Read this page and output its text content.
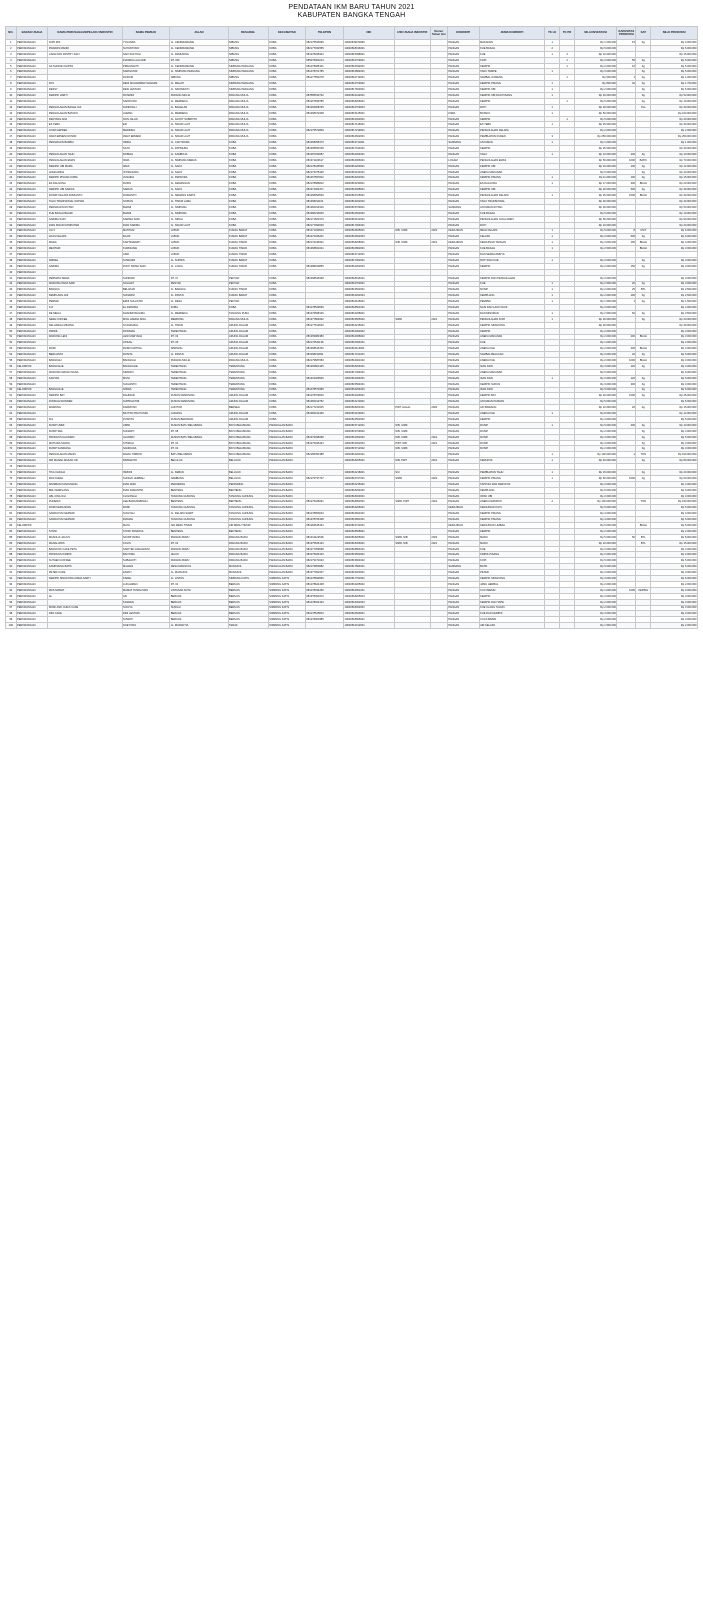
PENDATAAN IKM BARU TAHUN 2021
KABUPATEN BANGKA TENGAH
NO.	BADAN USAHA	NAMA PERUSAHAAN/PELAKU INDUSTRI	NAMA PEMILIK	JALAN	DESA/KEL	KECAMATAN	TELEPON	NIK	IZIN USAHA INDUSTRI	Nomor Tahun Izin	KOMODITI	JENIS KOMODITI	TK LK	TK PR	NILAI INVESTASI	KAPASITAS PRODUKSI	SAT	NILAI PRODUKSI
1	PERORANGAN	KOPI MIX	YOLANDA	JL. CENDRAWASIH	NIBUNG	KOBA	082175533099	19040549070066			PANGAN	MAKANAN	1		Rp 1.000.000	15	Kg	Rp 3.000.000
2	PERORANGAN	PRAWAS MANDI	SUYANTONO	JL. CENDRAWASIH	NIBUNG	KOBA	082177031555	19040518016001			PANGAN	KUE BASAH	2		Rp 5.000.000			Rp 5.000.000
3	PERORANGAN	CAKE DAN PASTRY SAFI	SAFI SUFIYAH	JL. KEMUNING	NIBUNG	KOBA	081378495344	19040515098001			PANGAN	KUE	1	4	Rp 10.000.000			Rp 15.000.000
4	PERORANGAN		KHOIRULLAH ANIF	RT. 006	NIBUNG	KOBA	085378003213	19040516709001			PANGAN	KOPI		1	Rp 3.000.000	55	Kg	Rp 5.000.000
5	PERORANGAN	AS SHOFIE CHIPSS	PRIHANANTI	JL. CENDRAWASIH	SIMPANG PERLANG	KOBA	081278485101	19040515032001			PANGAN	KERIPIK		1	Rp 2.000.000	10	Kg	Rp 5.000.000
6	PERORANGAN		SARIGUSNI	JL. SIMPANG PERLANG	SIMPANG PERLANG	KOBA	081278701785	19040516804001			PANGAN	TAHU TEMPE	1		Rp 3.000.000		Kg	Rp 5.000.000
7	PERORANGAN		DODOM	NIBUNG	NIBUNG	KOBA	081277551078	19040516713001			PANGAN	SAMBAL GORENG		1	Rp 500.000	1	Kg	Rp 1.000.000
8	PERORANGAN	KFS	DEDI MUHAMMAD SHADAM	JL. MELATI	SIMPANG PERLANG	KOBA		19040516709002			PANGAN	KERIPIK PISANG	1		Rp 800.000	40	Kg	Rp 1.700.000
9	PERORANGAN	DESSY	DESI LESTARI	JL. SIDOMUKTI	SIMPANG PERLANG	KOBA		19040517603001			PANGAN	KERIPIK UBI	1		Rp 2.000.000		Kg	Rp 5.000.000
10	PERORANGAN	KERIPIK HARTI	ROSMINI	PADANG MULIA	PADANG MULIA	KOBA	087886533732	19040516442001			PANGAN	KERIPIK UBI DAN PISANG	1		Rp 40.000.000		Kg	Rp 50.000.000
11	PERORANGAN		SAPRIYANI	JL. MERDEKA	PADANG MULIA	KOBA	081367839785	19040518206001			PANGAN	KERIPIK		1	Rp 5.000.000		Kg	Rp 10.000.000
12	PERORANGAN	PENGOLAHAN BAGLE ICA	SUNDOGLI	JL. BAGELAN	PADANG MULIA	KOBA	081366908735	19040516709003			PANGAN	ROTI	1		Rp 20.000.000		Pcs	Rp 30.000.000
13	PERORANGAN	PENGOLAHAN BATAKO	AHMAD	JL. MERDEKA	PADANG MULIA	KOBA	081368071908	19040515125001			KIMIA	BATAKO	1		Rp 50.000.000			Rp 100.000.000
14	PERORANGAN	KENTANG ANA	NON JALAN	JL. GATOT SUBROTO	PADANG MULIA	KOBA		19040516402001			PANGAN	KERIPIK		1	Rp 5.000.000			Rp 20.000.000
15	PERORANGAN	ES TEBU	EFI	JL. SINAR LAUT	PADANG MULIA	KOBA		19040517126001			PANGAN	ES TEBU	1		Rp 25.000.000			Rp 30.000.000
16	PERORANGAN	AYAM GEPREK	MEDINDA	JL. SINAR LAUT	PADANG MULIA	KOBA	082175572809	19040517219001			PANGAN	PENGOLAHAN KELAPA			Rp 2.000.000			Rp 2.000.000
17	PERORANGAN	AWAT ERMENI ROSIDI	AWAT ERMENI	JL. SINAR LAUT	PADANG MULIA	KOBA		19040516602001			PANGAN	PEMBUATAN KUDEN	3		Rp 250.000.000			Rp 250.000.000
18	PERORANGAN	PENGRAJIN BAMBU	INDRA	JL. CAKTROMA	KOBA	KOBA	081368458170	19040515711001			SANDANG	ANYAMAN	1		Rp 1.000.000			Rp 1.000.000
19	PERORANGAN		SATO	JL. PATIMURA	KOBA	KOBA	081395550728	19040517014001			PANGAN	KERIPIK			Rp 25.000.000			Rp 30.000.000
20	PERORANGAN	PENGOLAHAN TAHU	ROBIAH	JL. KAMBOJA	KOBA	KOBA	081387033087	19040516204001			PANGAN	TAHU	1		Rp 10.000.000	400	Kg	Rp 10.000.000
21	PERORANGAN	PENGOLAHAN EMAS	IKMA	JL. SIMPANG MERAS	KOBA	KOBA	081371103617	19040516006001			LOGAM	PENGOLAHAN EMAS			Rp 50.000.000	1000	BATIK	Rp 70.000.000
22	PERORANGAN	KERIPIK UBI MAMA	IMAS	JL. SAKO	KOBA	KOBA	082178445536	19040516203001			PANGAN	KERIPIK UBI			Rp 10.000.000	100	Kg	Rp 12.000.000
23	PERORANGAN	ANGKARINA	ISTIMAKARA	JL. SAKO	KOBA	KOBA	082173078148	19040516104001			PANGAN	ANEKA MAKANAN			Rp 5.000.000		Kg	Rp 10.000.000
24	PERORANGAN	KERIPIK PISANG KOBA	JUNAIDA	JL. DWIKORA	KOBA	KOBA	081367557812	19040516202001			PANGAN	KERIPIK PISANG	1		Rp 11.000.000	100	Kg	Rp 15.000.000
25	PERORANGAN	ES DALGONA	RUKIN	JL. KEMANGAN	KOBA	KOBA	082178686812	19040515230001			PANGAN	ES DALGONA	1		Rp 17.000.000	300	BUAH	Rp 20.000.000
26	PERORANGAN	KERIPIK UBI SARIAS	SARIAS	JL. SAKO	KOBA	KOBA	081371004371	19040516008001			PANGAN	KERIPIK UBI			Rp 20.000.000	500	Kg	Rp 30.000.000
27	PERORANGAN	DONAT KELAPA RUDIANTO	RUDIANTO	JL. SEMANG KARTA	KOBA	KOBA	081368090529	19040516705001			PANGAN	PENGOLAHAN KELAPA	1		Rp 25.000.000	1500	BUAH	Rp 30.000.000
28	PERORANGAN	TAHU TRADISIONAL SOPIAN	SOPIAN	JL. TIMUR LAMA	KOBA	KOBA	081368011104	19040516202002			PANGAN	TAHU TRADISIONAL			Rp 30.000.000			Rp 40.000.000
29	PERORANGAN	PENGRAJIN ROTAN	BHAMI	JL. SIMPANG	KOBA	KOBA	081382013319	19040515709001			SANDANG	ANYAMAN ROTAN			Rp 30.000.000			Rp 50.000.000
30	PERORANGAN	KUE BASAH BHAMI	BHAMI	JL. SIMPANG	KOBA	KOBA	081380233000	19040516602002			PANGAN	KUE BASAH			Rp 5.000.000			Rp 10.000.000
31	PERORANGAN	SARIMA SARI	SARIMA SARI	JL. NIPAH	KOBA	KOBA	082171660179	19040516102001			PANGAN	PENGOLAHAN GULA AREN			Rp 50.000.000			Rp 90.000.000
32	PERORANGAN	DIAN SINAR KOMPUTER	DIAN SARIMA	JL. SINAR LAUT	KOBA	KOBA	082177093009	19040517004001			PANGAN	ROTI			Rp 10.000.000			Rp 20.000.000
33	PERORANGAN	ULI F	MASTANI	LUBUK	KURAU BARAT	KOBA	081371030523	19040516605001	NIB, IUMK	2020	KERAJINAN	MEJA KELAPA	1		Rp 5.000.000	8	UNIT	Rp 6.000.000
34	PERORANGAN	AKAS KELAPA	RAJIS	LUBUK	KURAU BARAT	KOBA	081372046201	19040516602003			PANGAN	KELAPA	1		Rp 3.000.000	500	Kg	Rp 6.000.000
35	PERORANGAN	MILEA	KARTINAWATI	LUBUK	KURAU TIMUR	KOBA	082172434601	19040518208001	NIB, IUMK	2021	KERAJINAN	KERAJINAN TANGAN	1		Rp 3.000.000	100	BUAH	Rp 4.000.000
36	PERORANGAN	MENTARI	KURNIASIH	LUBUK	KURAU TIMUR	KOBA	081368601021	19040516802001			PANGAN	KUE BASAH	1		Rp 2.500.000		BUAH	Rp 3.000.000
37	PERORANGAN		ASRI	LUBUK	KURAU TIMUR	KOBA		19040515713001			PANGAN	DAN SEMACAMNYA						
38	PERORANGAN	SRIDEL	SUWANDI	JL. SUPRIS	KURAU BARAT	KOBA		19040517002001			PANGAN	ROTI DAN KUE	1		Rp 3.000.000		Kg	Rp 3.000.000
39	PERORANGAN	SARIMA	ZONY SIKMA SARI	JL. LOHIA	KURAU TIMUR	KOBA	081388040865	19040516202003			PANGAN	KERIPIK			Rp 2.000.000	150	Kg	Rp 3.000.000
40	PERORANGAN																	
41	PERORANGAN	PERMATA SEDIA	SUNDARI	RT. 07	PENYAK	KOBA	081368544938	19040518014001			PANGAN	KERIPIK DAN PENGOLAHAN			Rp 3.000.000			Rp 3.000.000
42	PERORANGAN	WARUNG PADA SARI	SOLIHAT	PENYAK	PENYAK	KOBA		19040516703001			PANGAN	KUE	1		Rp 2.500.000	20	Kg	Rp 3.000.000
43	PERORANGAN	BANGKA	BELAKAR	JL. BANGKA	KURAU TIMUR	KOBA		19040516502001			PANGAN	RUSIP	1		Rp 2.000.000	25	BTL	Rp 2.500.000
44	PERORANGAN	KEMPLANG ANI	SUNARNI	JL. PANTAI	KURAU BARAT	KOBA		19040516202004			PANGAN	KEMPLANG	1		Rp 2.000.000	100	Kg	Rp 2.500.000
45	PERORANGAN	PERMAI	ERNI SULASTRI	JL. DESA	PENYAK	KOBA		19040516106001			PANGAN	PEMPEK	1		Rp 1.500.000	1	Kg	Rp 1.500.000
46	PERORANGAN	K-8	EL DIANIDIA	KOBA	KOBA	KOBA	081278529035	19040518501001			PANGAN	NASI DAN LAUK PAUK			Rp 3.000.000			Rp 4.000.000
47	PERORANGAN	DE MELIA	DHANMOSUGIMA	JL. MERDEKA	TANJUNG PURA	KOBA	081376598146	19040516208001			PANGAN	DAN MINUMAN	1		Rp 2.500.000	60	Kg	Rp 3.500.000
48	PERORANGAN	SERE COFFEE	MOH HAMDA SINA	MERIDING	PADANG MULIA	KOBA	081377804602	19040516605002	SIMR	2021	PANGAN	PENGOLAHAN KOPI	1		Rp 20.000.000		Kg	Rp 20.000.000
49	PERORANGAN	KELUARGA MINANG	SYAHRUZAL	JL. TIMUR	ARUNG DALAM	KOBA	081377510020	19040516215001			PANGAN	KERIPIK SINGKONG			Rp 30.000.000			Rp 30.000.000
50	PERORANGAN	DWIDIL	ROKIMAH	TERENTANG	ARUNG DALAM	KOBA		19040516002002			PANGAN	KERIPIK			Rp 2.000.000			Rp 3.000.000
51	PERORANGAN	WARUNG LENI	LENI MARYANA	RT. 03	ARUNG DALAM	KOBA	081365984380	19040516008002			PANGAN	ANEKA MAKANAN			Rp 2.000.000	200	BUAH	Rp 3.000.000
52	PERORANGAN		ATIKAH	RT. 05	ARUNG DALAM	KOBA	082176541138	19040516004001			PANGAN	KUE			Rp 1.000.000			Rp 2.000.000
53	PERORANGAN	ROMI	ROMI KARTINA	SIMPANG	ARUNG DALAM	KOBA	081368516700	19040516113001			PANGAN	ANEKA KUE			Rp 2.000.000	200	BUAH	Rp 4.000.000
54	PERORANGAN	BERLIANTA	ROSITA	JL. PANTAI	ARUNG DALAM	KOBA	081368152811	19040517101001			PANGAN	SAMBAL BELACAN			Rp 3.000.000	40	Kg	Rp 5.000.000
55	PERORANGAN	BANGKALI	BANGKALI	PADANG MULIA	PADANG MULIA	KOBA	082179587083	19040516401002			PANGAN	ANEKA KUE			Rp 2.000.000	1000	BUAH	Rp 3.000.000
56	KELOMPOK	BANGKALIE	BANGKALIE	TERENTANG	TERENTANG	KOBA	081366801345	19040518204001			PANGAN	IKAN ASIN			Rp 3.000.000	120	Kg	Rp 4.000.000
57	PERORANGAN	WARUNG MAKAN NANA	SRIWATI	TERENTANG	TERENTANG	KOBA		19040517304001			PANGAN	ANEKA MAKANAN			Rp 5.000.000			Rp 6.000.000
58	PERORANGAN	KANTAN	MUNI	TERENTANG	TERENTANG	KOBA	081331409546	19040516304001			PANGAN	IKAN ASIN	1		Rp 3.000.000	120	Kg	Rp 5.000.000
59	PERORANGAN		SUGIANTO	TERENTANG	TERENTANG	KOBA		19040515504001			PANGAN	KERIPIK SUKUN			Rp 3.000.000	300	Kg	Rp 3.000.000
60	KELOMPOK	BANGKALIE	NISWA	TERENTANG	TERENTANG	KOBA	081278570495	19040516204003			PANGAN	IKAN ASIN			Rp 5.000.000		Kg	Rp 6.000.000
61	PERORANGAN	KERIPIK BAY	DAHNIAR	DUSUN KEMUNING	ARUNG DALAM	KOBA	081278709000	19040516409001			PANGAN	KERIPIK BAY			Rp 20.000.000	1000	Kg	Rp 25.000.000
62	PERORANGAN	ZONNAH WONDER	SUPRIHATINI	DUSUN KEMUNING	ARUNG DALAM	KOBA	081382013752	19040516210001			PANGAN	ANYAMAN PANDAN			Rp 5.000.000			Rp 5.000.000
63	PERORANGAN	WAWANG	DARMONO	GUNTUR	BERSEH	KOBA	082177210315	19040518201001	PIRT, HALAL	2020	PANGAN	AKI BAWANG			Rp 10.000.000	20	Kg	Rp 15.000.000
64	PERORANGAN		BAYTINI DWI PUSPA	GUDANG	ARUNG DALAM	KOBA	081382314436	19040516109001			PANGAN	ANEKA KUE	1		Rp 8.000.000			Rp 12.000.000
65	PERORANGAN	IKA	PUSPITA	DUSUN BERINGIN	ARUNG DALAM	KOBA		19040516502002			PANGAN	KERIPIK			Rp 4.000.000			Rp 5.000.000
66	PERORANGAN	RUSIP UMMI	UMMI	DUSUN BATU BELUBANG	BATU BELUBANG	PANGKALAN BARU		19040515712001	NIB, IUMK		PANGAN	RUSIP	1		Rp 5.000.000	400	Kg	Rp 10.000.000
67	PERORANGAN	RUSIP SEA	SUNARTI	RT. 08	BATU BELUBANG	PANGKALAN BARU		19040515709002	NIB, IUMK		PANGAN	RUSIP			Rp 2.000.000		Kg	Rp 3.000.000
68	PERORANGAN	PRODUKSI ALUDIRO	ALUDIRO	DUSUN BATU BELUBANG	BATU BELUBANG	PANGKALAN BARU	081376498338	19040516302002	NIB, IUMK	2021	PANGAN	RUSIP			Rp 3.000.000		Kg	Rp 5.000.000
69	PERORANGAN	MUTIARA SAKDA	SITIMAH	RT. 04	BATU BELUBANG	PANGKALAN BARU	081376496444	19040516302003	PIRT, NIB	2021	PANGAN	RUSIP			Rp 3.000.000		Kg	Rp 3.000.000
70	PERORANGAN	RUSIP SANDIANA	SANDIANA	RT. 02	BATU BELUBANG	PANGKALAN BARU		19040515712002	NIB, IUMK		PANGAN	RUSIP			Rp 2.000.000		Kg	Rp 3.000.000
71	PERORANGAN	PENGOLAHAN MANIS	RAMLI TIMBON	BATU BELUBANG	BATU BELUBANG	PANGKALAN BARU	082186352188	19040516201001			PANGAN		1		Rp 100.000.000	1	TON	Rp 150.000.000
72	PERORANGAN	SRI MANAH MAKAN UD	RIDWANTO	BELULUK	BELULUK	PANGKALAN BARU		19040518205001	NIB, PIRT	2021	PANGAN	KERUPUK	1		Rp 40.000.000		Kg	Rp 80.000.000
73	PERORANGAN																	
74	PERORANGAN	TIKA CHICHA	ISMONI	JL. KEBAN	BELULUK	PANGKALAN BARU		19040516218001	SIU		PANGAN	PEMBUATAN TAHU	1		Rp 15.000.000		Kg	Rp 20.000.000
75	PERORANGAN	FRA FARAH	SUNGAI LEMBAH	NAMBANG	BELULUK	PANGKALAN BARU	082176797707	19040516707001	SIMR	2020	PANGAN	KERIPIK PISANG	1		Rp 50.000.000	1000	Kg	Rp 60.000.000
76	PERORANGAN	WASIBAN KANJUNANG	DIAN ANDI	PEDINDING	PEDINDING	PANGKALAN BARU		19040516215002			PANGAN	TAPIOKA DAN KERUPUK			Rp 3.000.000			Rp 4.000.000
77	PERORANGAN	BRL KEMPLANG	DIAN FAMANTRI	BENTENG	BENTENG	PANGKALAN BARU		19040518204002			PANGAN	KEMPLANG			Rp 5.000.000			Rp 6.000.000
78	PERORANGAN	ABL CINA ICH	CLIGONAH	TANJUNG GUNUNG	TANJUNG GUNUNG	PANGKALAN BARU		19040518403001			PANGAN	OPAK UBI			Rp 2.000.000			Rp 3.000.000
79	PERORANGAN	PHOENIX	LEE BARANGBINAH	BENTENG	BENTENG	PANGKALAN BARU	081375026091	19040518002001	SIMR, PIRT	2021	PANGAN	ANEKA KERUPUK	2		Rp 100.000.000		TON	Rp 150.000.000
80	PERORANGAN	ROMI KERAJINAN	ROMI	TANJUNG GUNUNG	TANJUNG GUNUNG	PANGKALAN BARU		19040516206001			KERAJINAN	KERAJINAN KAYU			Rp 5.000.000			Rp 5.000.000
81	PERORANGAN	SANDAYUM GEPRAK	SUGIYAH	JL. KELAPA SAWIT	TANJUNG GUNUNG	PANGKALAN BARU	081278950043	19040516601001			PANGAN	KERIPIK PISANG			Rp 3.000.000			Rp 3.000.000
82	PERORANGAN	SANDAYUM GEPRAK	RIAMAH	TANJUNG GUNUNG	TANJUNG GUNUNG	PANGKALAN BARU	081378706108	19040516801001			PANGAN	KERIPIK PISANG			Rp 4.000.000			Rp 5.000.000
83	KELOMPOK		MAYA	AIR MESU TIMUR	AIR MESU TIMUR	PANGKALAN BARU	081382635164	19040515722001			KERAJINAN	KERAJINAN LIMBAH			Rp 5.000.000		BUAH	Rp 5.000.000
84	PERORANGAN	SYDNI	SYDNI PANDAYA	BENTENG	BENTENG	PANGKALAN BARU		19040518508001			PANGAN	KERIPIK			Rp 2.000.000			Rp 2.000.000
85	PERORANGAN	MASOLAI JALIUS	NOVRIYANNA	PADANG BARU	PADANG BARU	PANGKALAN BARU	081331124628	19040518205002	SIMR, NIB	2020	PANGAN	MADU			Rp 5.000.000	50	BTL	Rp 8.000.000
86	PERORANGAN	MANALUIWS	KOLIS	RT. 02	PADANG BARU	PANGKALAN BARU	081375526133	19040518406001	SIMR, NIB	2021	PANGAN	MADU			Rp 10.000.000		BTL	Rp 15.000.000
87	PERORANGAN	BANGKOK CAKE PETA	SARIYEN ANGGRAINI	PADANG BARU	PADANG BARU	PANGKALAN BARU	081377059698	19040518804001			PANGAN	KUE			Rp 3.000.000			Rp 4.000.000
88	PERORANGAN	PRODUKSI KRIPIK	BAOTIMA	JELUK	PADANG BARU	PANGKALAN BARU	081375926133	19040515503001			PANGAN	KRIPIK PISANG			Rp 2.000.000			Rp 3.000.000
89	PERORANGAN	SUTHEN COFFEE	SUBAHOTI	PADANG BARU	PADANG BARU	PANGKALAN BARU	082179471623	19040515604002			PANGAN	KOPI			Rp 5.000.000			Rp 5.000.000
90	PERORANGAN	KAMPOENG BATIK	MAHANI	DESA MANGKOL	MANGKOL	PANGKALAN BARU	082176850082	19040517804001			SANDANG	BATIK			Rp 5.000.000			Rp 5.000.000
91	PERORANGAN	PETER CAKE	ZANNY	JL. MANGKOL	MANGKOL	PANGKALAN BARU	081377091607	19040515203001			PANGAN	PETER			Rp 3.000.000			Rp 3.000.000
92	PERORANGAN	KERIPIK SINGKONG MAMA SARTI	KAREL	JL. LINTAS	SIMPANG KATIS	SIMPANG KATIS	081278590666	19040517702001			PANGAN	KERIPIK SINGKONG			Rp 4.000.000			Rp 5.000.000
93	PERORANGAN		LUKAHMAN	RT. 02	BERUAS	SIMPANG KATIS	081278624408	19040516205002			PANGAN	JAMU HERBAL			Rp 2.000.000			Rp 2.000.000
94	PERORANGAN	MAS MAMAT	MAMAT TUNDA MAS	LINTASAN KOTA	BERUAS	SIMPANG KATIS	081278034260	19040516001001			PANGAN	CUCI MESIN			Rp 1.000.000	1000	KEPING	Rp 3.000.000
95	PERORANGAN	AL	AFI	BERUAS	BERUAS	SIMPANG KATIS	081378390470	19040518205003			PANGAN	KERIPIK			Rp 3.000.000			Rp 3.000.000
96	PERORANGAN		KASDEN	BERUAS	BERUAS	SIMPANG KATIS	081278022103	19040516302004			PANGAN	KERIPIK DAN TAPE			Rp 2.000.000			Rp 3.000.000
97	PERORANGAN	MOMI AND CHILD CAKE	SUGIYA	SUNGAI	BERUAS	SIMPANG KATIS		19040518402001			PANGAN	KUE ULANG TAHUN			Rp 2.000.000			Rp 3.000.000
98	PERORANGAN	DIDI CAKE	DIDI LESTARI	BERUAS	BERUAS	SIMPANG KATIS	081278525810	19040516609001			PANGAN	KUE DAN KERIPIK			Rp 3.000.000			Rp 3.000.000
99	PERORANGAN		SUWATI	BERUAS	BERUAS	SIMPANG KATIS	081378000385	19040518906001			PANGAN	CUCA MESIN			Rp 2.000.000			Rp 3.000.000
100	PERORANGAN		SOEYONO	JL. MURAKTIA	TERAK	SIMPANG KATIS		19040516312001			PANGAN	AIR KELAPA			Rp 1.500.000			Rp 2.000.000
